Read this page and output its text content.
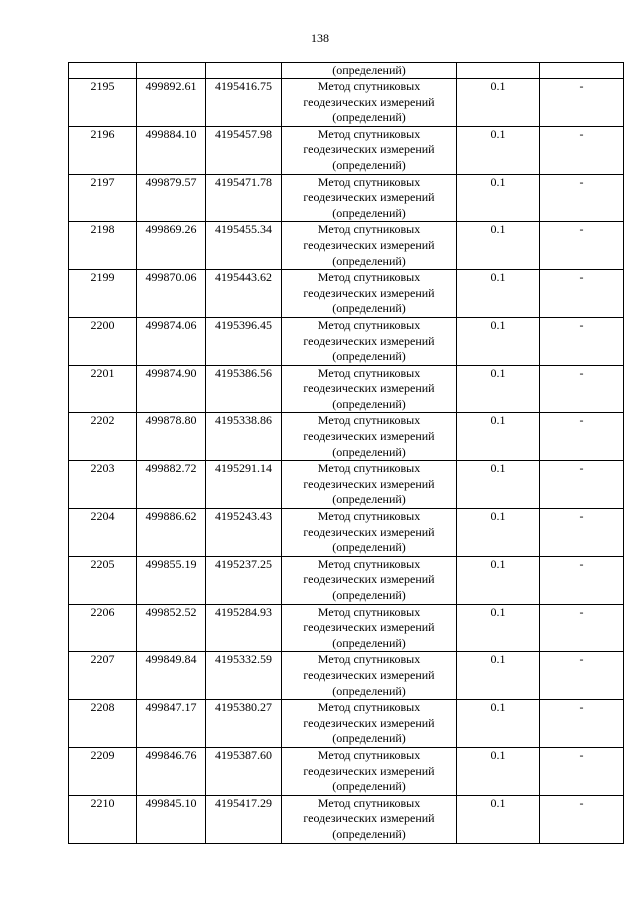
138
			(определений)		
2195	499892.61	4195416.75	Метод спутниковых
геодезических измерений
(определений)	0.1	-
2196	499884.10	4195457.98	Метод спутниковых
геодезических измерений
(определений)	0.1	-
2197	499879.57	4195471.78	Метод спутниковых
геодезических измерений
(определений)	0.1	-
2198	499869.26	4195455.34	Метод спутниковых
геодезических измерений
(определений)	0.1	-
2199	499870.06	4195443.62	Метод спутниковых
геодезических измерений
(определений)	0.1	-
2200	499874.06	4195396.45	Метод спутниковых
геодезических измерений
(определений)	0.1	-
2201	499874.90	4195386.56	Метод спутниковых
геодезических измерений
(определений)	0.1	-
2202	499878.80	4195338.86	Метод спутниковых
геодезических измерений
(определений)	0.1	-
2203	499882.72	4195291.14	Метод спутниковых
геодезических измерений
(определений)	0.1	-
2204	499886.62	4195243.43	Метод спутниковых
геодезических измерений
(определений)	0.1	-
2205	499855.19	4195237.25	Метод спутниковых
геодезических измерений
(определений)	0.1	-
2206	499852.52	4195284.93	Метод спутниковых
геодезических измерений
(определений)	0.1	-
2207	499849.84	4195332.59	Метод спутниковых
геодезических измерений
(определений)	0.1	-
2208	499847.17	4195380.27	Метод спутниковых
геодезических измерений
(определений)	0.1	-
2209	499846.76	4195387.60	Метод спутниковых
геодезических измерений
(определений)	0.1	-
2210	499845.10	4195417.29	Метод спутниковых
геодезических измерений
(определений)	0.1	-
